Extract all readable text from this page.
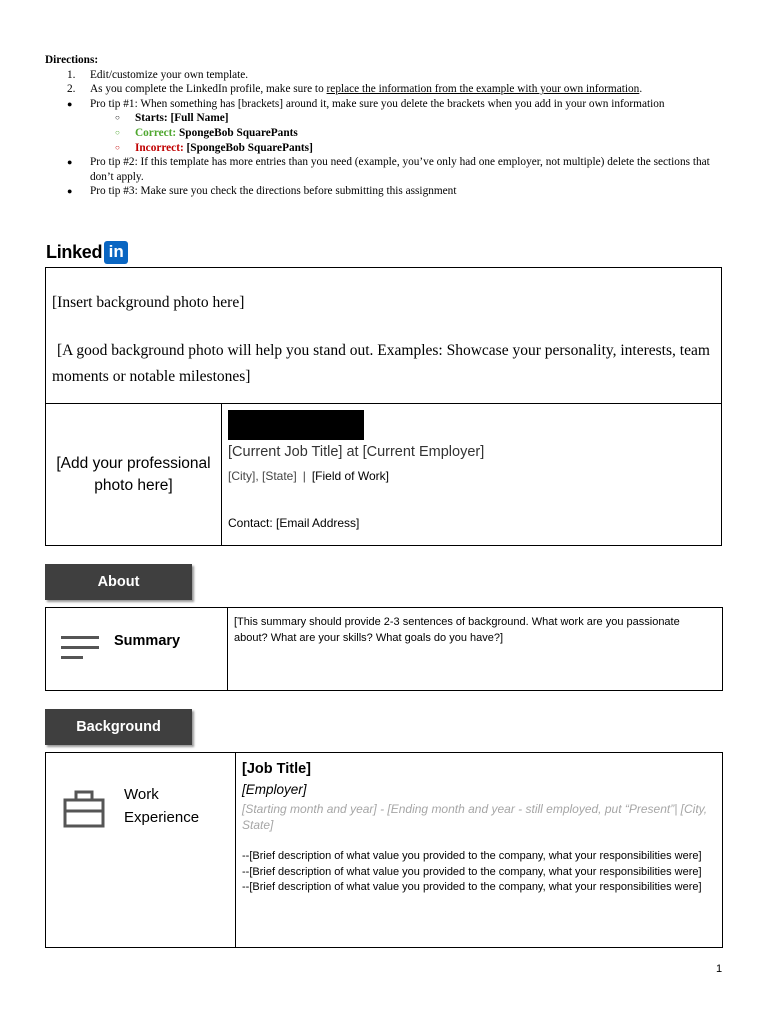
Directions:
1.	Edit/customize your own template.
2.	As you complete the LinkedIn profile, make sure to replace the information from the example with your own information.
●	Pro tip #1: When something has [brackets] around it, make sure you delete the brackets when you add in your own information
○ Starts: [Full Name]
○ Correct: SpongeBob SquarePants
○ Incorrect: [SpongeBob SquarePants]
●	Pro tip #2: If this template has more entries than you need (example, you’ve only had one employer, not multiple) delete the sections that don’t apply.
●	Pro tip #3: Make sure you check the directions before submitting this assignment
Linked in
[Insert background photo here]
[A good background photo will help you stand out. Examples: Showcase your personality, interests, team moments or notable milestones]
[Add your professional photo here]
[Current Job Title] at [Current Employer]
[City], [State] | [Field of Work]
Contact: [Email Address]
About
Summary
[This summary should provide 2-3 sentences of background. What work are you passionate about? What are your skills? What goals do you have?]
Background
Work Experience
[Job Title]
[Employer]
[Starting month and year] - [Ending month and year - still employed, put “Present”| [City, State]
--[Brief description of what value you provided to the company, what your responsibilities were]
--[Brief description of what value you provided to the company, what your responsibilities were]
--[Brief description of what value you provided to the company, what your responsibilities were]
1
